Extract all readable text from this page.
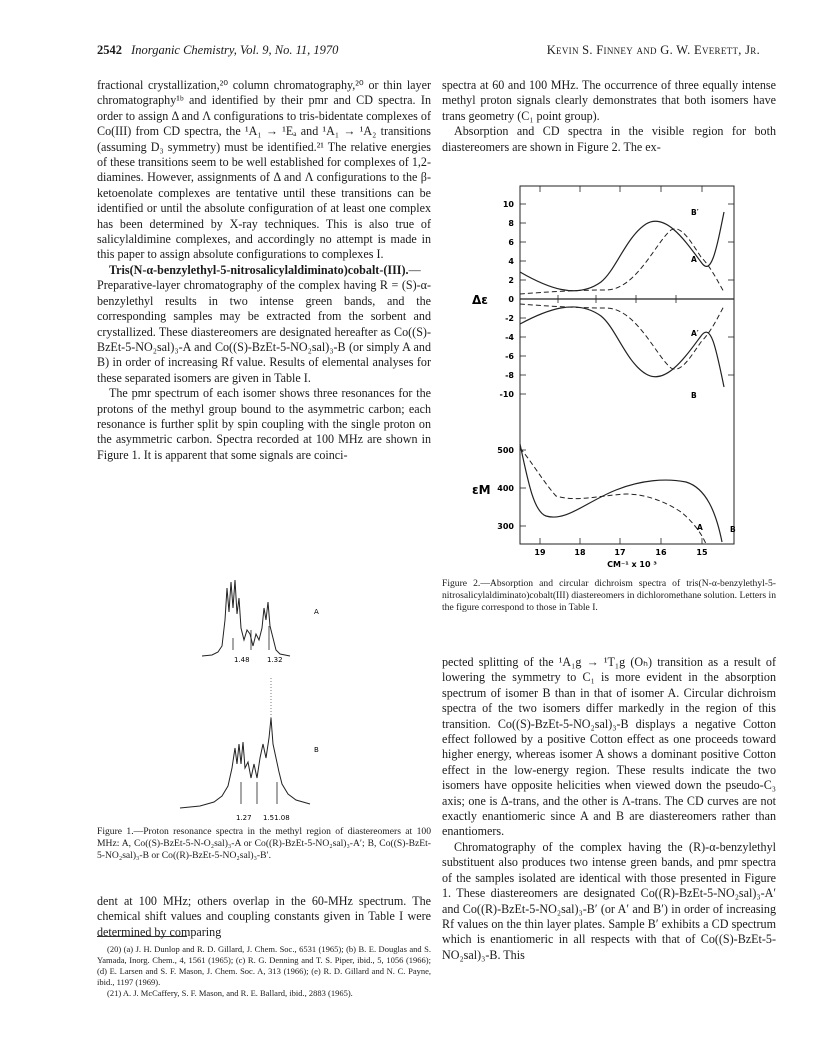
2542 Inorganic Chemistry, Vol. 9, No. 11, 1970	Kevin S. Finney and G. W. Everett, Jr.

fractional crystallization,²⁰ column chromatography,²⁰ or thin layer chromatography¹ᵇ and identified by their pmr and CD spectra. In order to assign Δ and Λ configurations to tris-bidentate complexes of Co(III) from CD spectra, the ¹A₁ → ¹Eₐ and ¹A₁ → ¹A₂ transitions (assuming D₃ symmetry) must be identified.²¹ The relative energies of these transitions seem to be well established for complexes of 1,2-diamines. However, assignments of Δ and Λ configurations to the β-ketoenolate complexes are tentative until these transitions can be identified or until the absolute configuration of at least one complex has been determined by X-ray techniques. This is also true of salicylaldimine complexes, and accordingly no attempt is made in this paper to assign absolute configurations to complexes I.

Tris(N-α-benzylethyl-5-nitrosalicylaldiminato)cobalt-(III).—Preparative-layer chromatography of the complex having R = (S)-α-benzylethyl results in two intense green bands, and the corresponding samples may be extracted from the sorbent and crystallized. These diastereomers are designated hereafter as Co((S)-BzEt-5-NO₂sal)₃-A and Co((S)-BzEt-5-NO₂sal)₃-B (or simply A and B) in order of increasing Rf value. Results of elemental analyses for these separated isomers are given in Table I.

The pmr spectrum of each isomer shows three resonances for the protons of the methyl group bound to the asymmetric carbon; each resonance is further split by spin coupling with the single proton on the asymmetric carbon. Spectra recorded at 100 MHz are shown in Figure 1. It is apparent that some signals are coinci-

A
1.48 1.32
B
1.27 1.51.08
Figure 1.—Proton resonance spectra in the methyl region of diastereomers at 100 MHz: A, Co((S)-BzEt-5-N-O₂sal)₃-A or Co((R)-BzEt-5-NO₂sal)₃-A′; B, Co((S)-BzEt-5-NO₂sal)₃-B or Co((R)-BzEt-5-NO₂sal)₃-B′.

dent at 100 MHz; others overlap in the 60-MHz spectrum. The chemical shift values and coupling constants given in Table I were determined by comparing

(20) (a) J. H. Dunlop and R. D. Gillard, J. Chem. Soc., 6531 (1965); (b) B. E. Douglas and S. Yamada, Inorg. Chem., 4, 1561 (1965); (c) R. G. Denning and T. S. Piper, ibid., 5, 1056 (1966); (d) E. Larsen and S. F. Mason, J. Chem. Soc. A, 313 (1966); (e) R. D. Gillard and N. C. Payne, ibid., 1197 (1969).
(21) A. J. McCaffery, S. F. Mason, and R. E. Ballard, ibid., 2883 (1965).

spectra at 60 and 100 MHz. The occurrence of three equally intense methyl proton signals clearly demonstrates that both isomers have trans geometry (C₁ point group).

Absorption and CD spectra in the visible region for both diastereomers are shown in Figure 2. The ex-

10
8
6
4
2
0
-2
-4
-6
-8
-10
Δε
B′
A
A′
B
500
400
300
εM
A	B
19	18	17	16	15
CM⁻¹ x 10 ³
Figure 2.—Absorption and circular dichroism spectra of tris(N-α-benzylethyl-5-nitrosalicylaldiminato)cobalt(III) diastereomers in dichloromethane solution. Letters in the figure correspond to those in Table I.

pected splitting of the ¹A₁g → ¹T₁g (Oₕ) transition as a result of lowering the symmetry to C₁ is more evident in the absorption spectrum of isomer B than in that of isomer A. Circular dichroism spectra of the two isomers differ markedly in the region of this transition. Co((S)-BzEt-5-NO₂sal)₃-B displays a negative Cotton effect followed by a positive Cotton effect as one proceeds toward higher energy, whereas isomer A shows a dominant positive Cotton effect in the low-energy region. These results indicate the two isomers have opposite helicities when viewed down the pseudo-C₃ axis; one is Δ-trans, and the other is Λ-trans. The CD curves are not exactly enantiomeric since A and B are diastereomers rather than enantiomers.

Chromatography of the complex having the (R)-α-benzylethyl substituent also produces two intense green bands, and pmr spectra of the samples isolated are identical with those presented in Figure 1. These diastereomers are designated Co((R)-BzEt-5-NO₂sal)₃-A′ and Co((R)-BzEt-5-NO₂sal)₃-B′ (or A′ and B′) in order of increasing Rf values on the thin layer plates. Sample B′ exhibits a CD spectrum which is enantiomeric in all respects with that of Co((S)-BzEt-5-NO₂sal)₃-B. This
